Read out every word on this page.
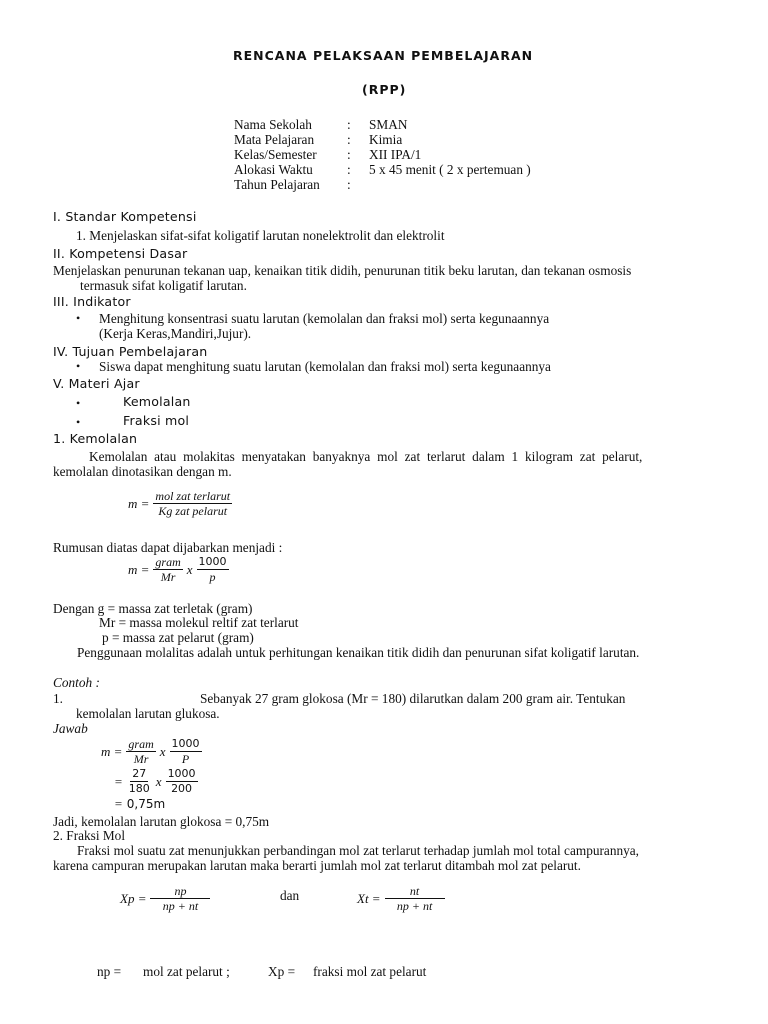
RENCANA PELAKSAAN PEMBELAJARAN
(RPP)
Nama Sekolah	: SMAN
Mata Pelajaran : Kimia
Kelas/Semester : XII IPA/1
Alokasi Waktu	: 5 x 45 menit ( 2 x pertemuan )
Tahun Pelajaran :
I. Standar Kompetensi
1. Menjelaskan sifat-sifat koligatif larutan nonelektrolit dan elektrolit
II. Kompetensi Dasar
Menjelaskan penurunan tekanan uap, kenaikan titik didih, penurunan titik beku larutan, dan tekanan osmosis
termasuk sifat koligatif larutan.
III. Indikator
• Menghitung konsentrasi suatu larutan (kemolalan dan fraksi mol) serta kegunaannya
(Kerja Keras,Mandiri,Jujur).
IV. Tujuan Pembelajaran
• Siswa dapat menghitung suatu larutan (kemolalan dan fraksi mol) serta kegunaannya
V. Materi Ajar
•	Kemolalan
•	Fraksi mol
1. Kemolalan
Kemolalan atau molakitas menyatakan banyaknya mol zat terlarut dalam 1 kilogram zat pelarut,
kemolalan dinotasikan dengan m.
$m = \frac{\text{mol zat terlarut}}{\text{Kg zat pelarut}}$
Rumusan diatas dapat dijabarkan menjadi :
$m = \frac{\text{gram}}{Mr}$ x $\frac{1000}{p}$
Dengan g = massa zat terletak (gram)
Mr = massa molekul reltif zat terlarut
p = massa zat pelarut (gram)
Penggunaan molalitas adalah untuk perhitungan kenaikan titik didih dan penurunan sifat koligatif larutan.
Contoh :
1.	Sebanyak 27 gram glokosa (Mr = 180) dilarutkan dalam 200 gram air. Tentukan
kemolalan larutan glukosa.
Jawab
$m = \frac{\text{gram}}{Mr}$ x $\frac{1000}{P}$
= $\frac{27}{180}$ x $\frac{1000}{200}$
= 0,75m
Jadi, kemolalan larutan glokosa = 0,75m
2. Fraksi Mol
Fraksi mol suatu zat menunjukkan perbandingan mol zat terlarut terhadap jumlah mol total campurannya,
karena campuran merupakan larutan maka berarti jumlah mol zat terlarut ditambah mol zat pelarut.
$Xp = \frac{np}{np + nt}$	dan	$Xt = \frac{nt}{np + nt}$
np = mol zat pelarut ;	Xp = fraksi mol zat pelarut
